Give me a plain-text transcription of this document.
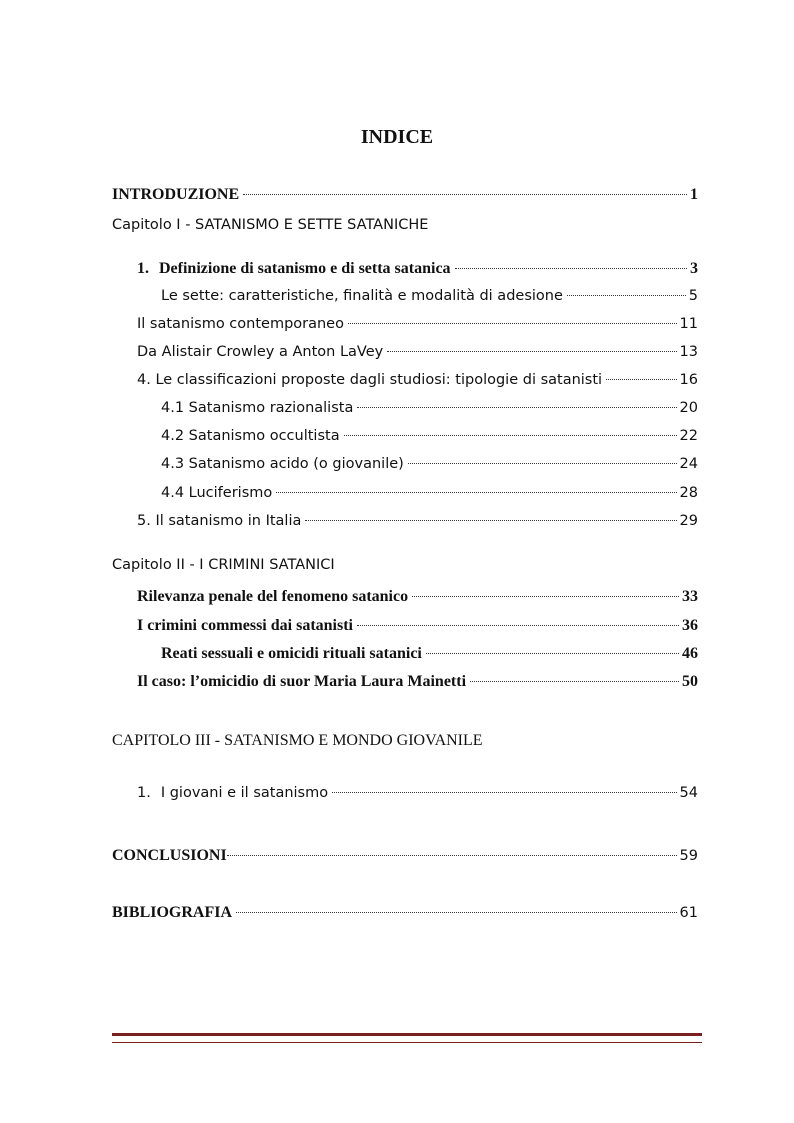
INDICE
INTRODUZIONE	1
Capitolo I - SATANISMO E SETTE SATANICHE
1. Definizione di satanismo e di setta satanica	3
Le sette: caratteristiche, finalità e modalità di adesione	5
Il satanismo contemporaneo	11
Da Alistair Crowley a Anton LaVey	13
4. Le classificazioni proposte dagli studiosi: tipologie di satanisti	16
4.1 Satanismo razionalista	20
4.2 Satanismo occultista	22
4.3 Satanismo acido (o giovanile)	24
4.4 Luciferismo	28
5. Il satanismo in Italia	29
Capitolo II - I CRIMINI SATANICI
Rilevanza penale del fenomeno satanico	33
I crimini commessi dai satanisti	36
Reati sessuali e omicidi rituali satanici	46
Il caso: l’omicidio di suor Maria Laura Mainetti	50
CAPITOLO III - SATANISMO E MONDO GIOVANILE
1. I giovani e il satanismo	54
CONCLUSIONI	59
BIBLIOGRAFIA	61
